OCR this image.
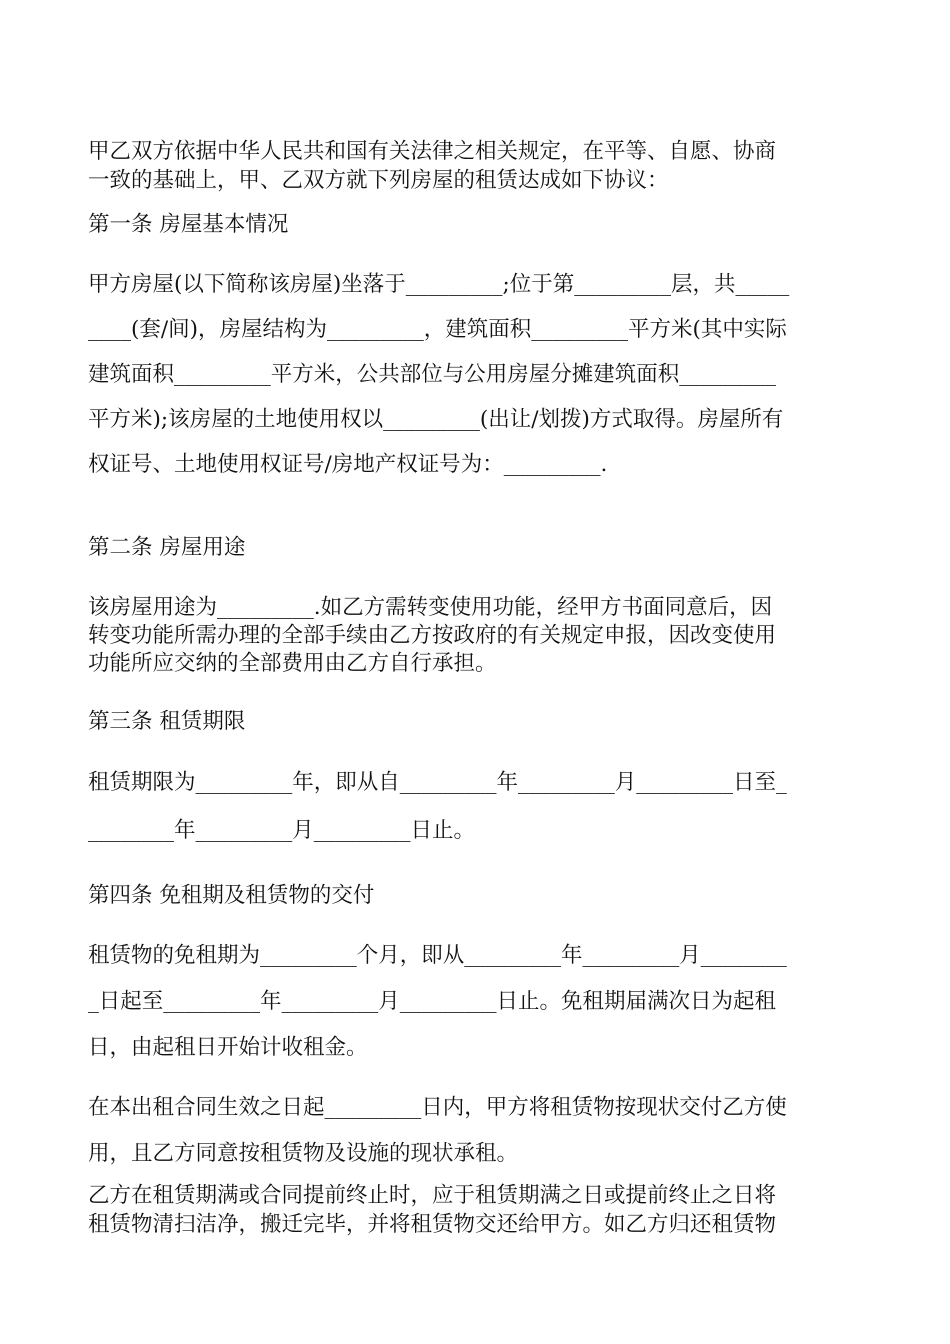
甲乙双方依据中华人民共和国有关法律之相关规定，在平等、自愿、协商
一致的基础上，甲、乙双方就下列房屋的租赁达成如下协议：

第一条 房屋基本情况

甲方房屋(以下简称该房屋)坐落于_________;位于第_________层，共_____
____(套/间)，房屋结构为_________，建筑面积_________平方米(其中实际
建筑面积_________平方米，公共部位与公用房屋分摊建筑面积_________
平方米);该房屋的土地使用权以_________(出让/划拨)方式取得。房屋所有
权证号、土地使用权证号/房地产权证号为：_________.

第二条 房屋用途

该房屋用途为_________.如乙方需转变使用功能，经甲方书面同意后，因
转变功能所需办理的全部手续由乙方按政府的有关规定申报，因改变使用
功能所应交纳的全部费用由乙方自行承担。

第三条 租赁期限

租赁期限为_________年，即从自_________年_________月_________日至_
________年_________月_________日止。

第四条 免租期及租赁物的交付

租赁物的免租期为_________个月，即从_________年_________月________
_日起至_________年_________月_________日止。免租期届满次日为起租
日，由起租日开始计收租金。

在本出租合同生效之日起_________日内，甲方将租赁物按现状交付乙方使
用，且乙方同意按租赁物及设施的现状承租。

乙方在租赁期满或合同提前终止时，应于租赁期满之日或提前终止之日将
租赁物清扫洁净，搬迁完毕，并将租赁物交还给甲方。如乙方归还租赁物
